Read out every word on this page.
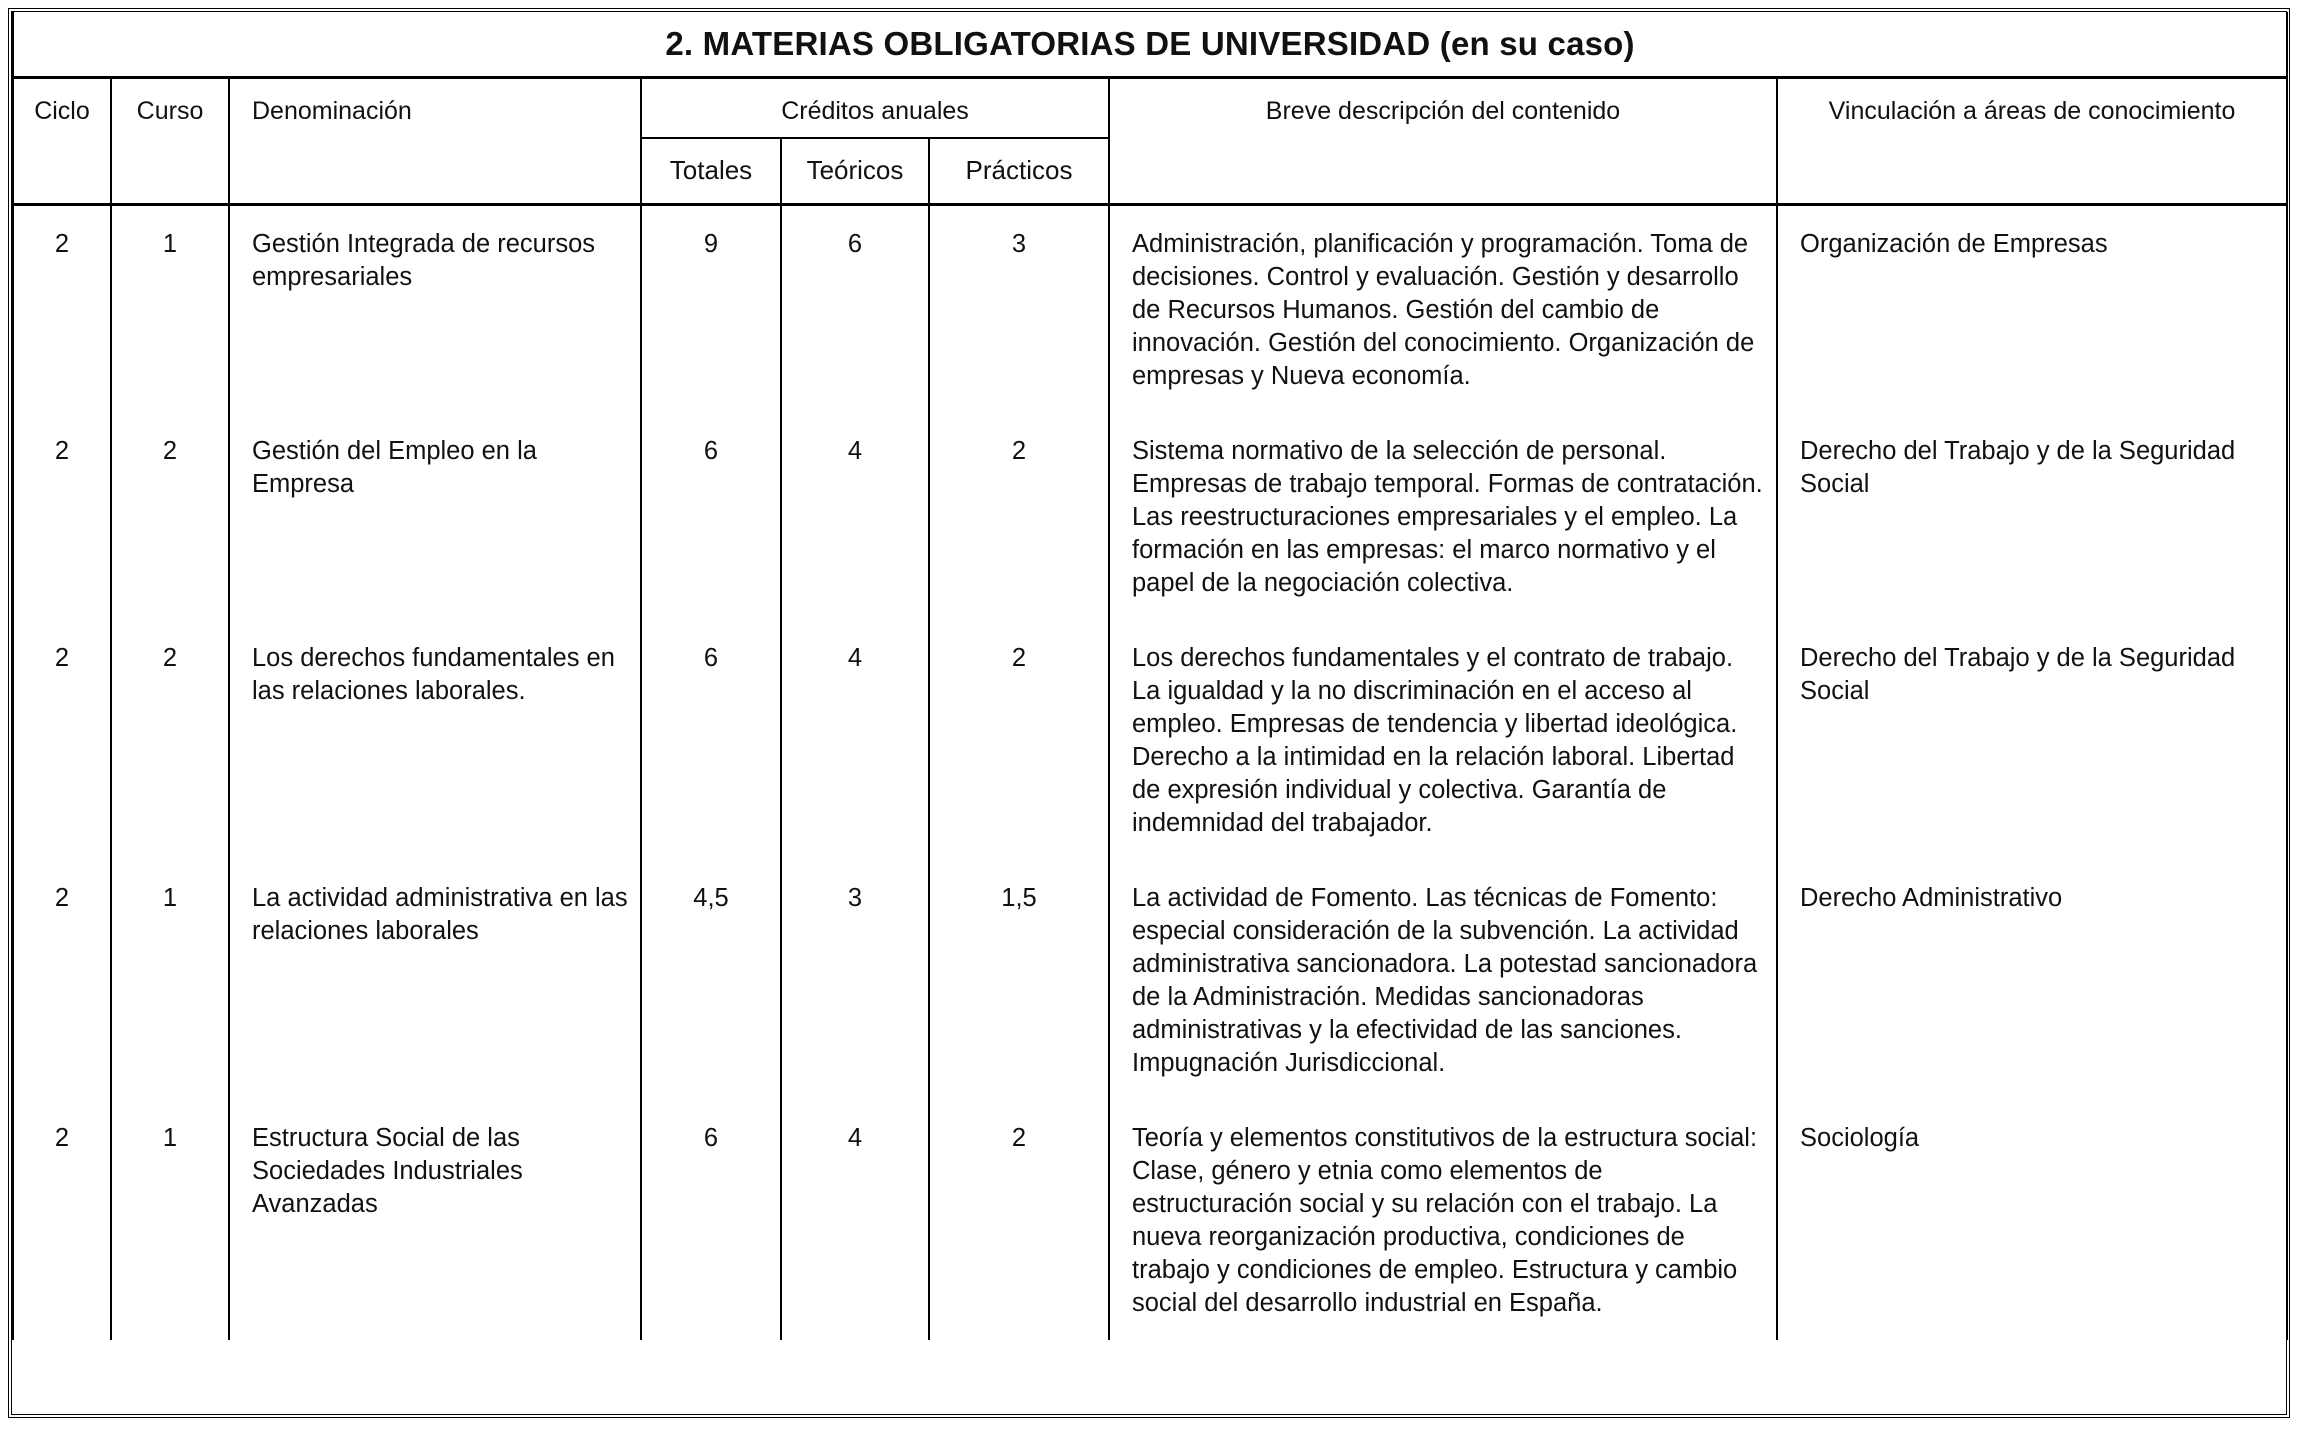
2. MATERIAS OBLIGATORIAS DE UNIVERSIDAD (en su caso)							
Ciclo	Curso	Denominación	Créditos anuales			Breve descripción del contenido	Vinculación a áreas de conocimiento
			Totales	Teóricos	Prácticos		
2	1	Gestión Integrada de recursos empresariales	9	6	3	Administración, planificación y programación. Toma de decisiones. Control y evaluación. Gestión y desarrollo de Recursos Humanos. Gestión del cambio de innovación. Gestión del conocimiento. Organización de empresas y Nueva economía.	Organización de Empresas
2	2	Gestión del Empleo en la Empresa	6	4	2	Sistema normativo de la selección de personal. Empresas de trabajo temporal. Formas de contratación. Las reestructuraciones empresariales y el empleo. La formación en las empresas: el marco normativo y el papel de la negociación colectiva.	Derecho del Trabajo y de la Seguridad Social
2	2	Los derechos fundamentales en las relaciones laborales.	6	4	2	Los derechos fundamentales y el contrato de trabajo. La igualdad y la no discriminación en el acceso al empleo. Empresas de tendencia y libertad ideológica. Derecho a la intimidad en la relación laboral. Libertad de expresión individual y colectiva. Garantía de indemnidad del trabajador.	Derecho del Trabajo y de la Seguridad Social
2	1	La actividad administrativa en las relaciones laborales	4,5	3	1,5	La actividad de Fomento. Las técnicas de Fomento: especial consideración de la subvención. La actividad administrativa sancionadora. La potestad sancionadora de la Administración. Medidas sancionadoras administrativas y la efectividad de las sanciones. Impugnación Jurisdiccional.	Derecho Administrativo
2	1	Estructura Social de las Sociedades Industriales Avanzadas	6	4	2	Teoría y elementos constitutivos de la estructura social: Clase, género y etnia como elementos de estructuración social y su relación con el trabajo. La nueva reorganización productiva, condiciones de trabajo y condiciones de empleo. Estructura y cambio social del desarrollo industrial en España.	Sociología
